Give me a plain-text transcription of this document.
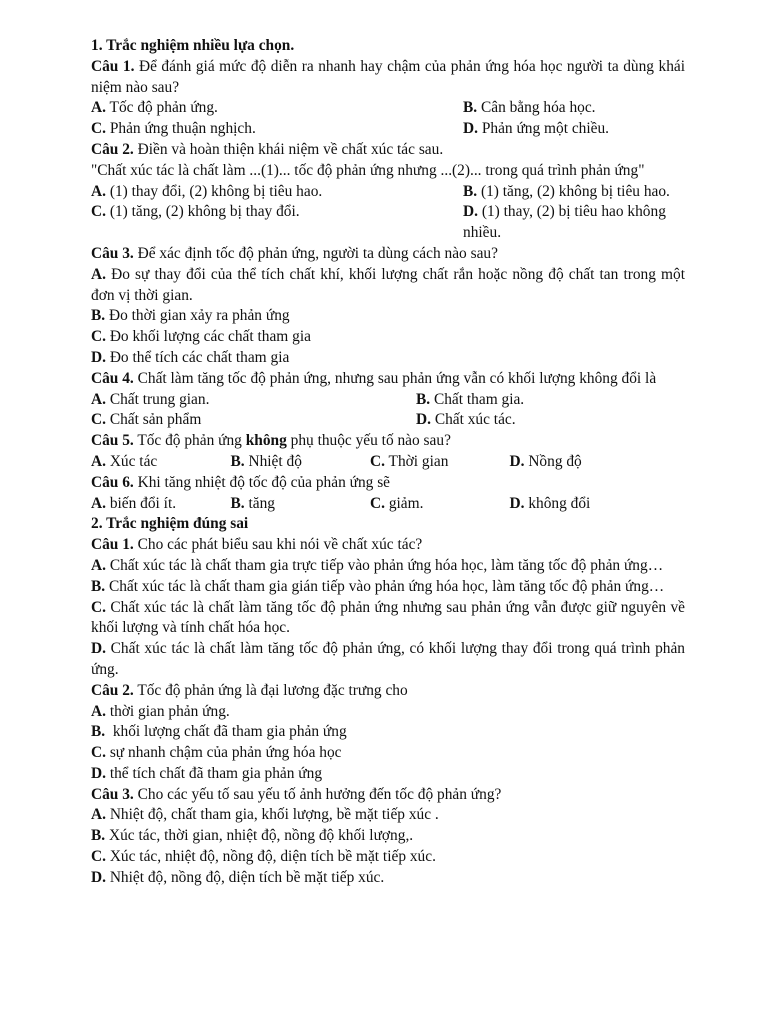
1. Trắc nghiệm nhiều lựa chọn.

Câu 1. Để đánh giá mức độ diễn ra nhanh hay chậm của phản ứng hóa học người ta dùng khái niệm nào sau?

A. Tốc độ phản ứng.	B. Cân bằng hóa học.
C. Phản ứng thuận nghịch.	D. Phản ứng một chiều.

Câu 2. Điền và hoàn thiện khái niệm về chất xúc tác sau.

"Chất xúc tác là chất làm ...(1)... tốc độ phản ứng nhưng ...(2)... trong quá trình phản ứng"

A. (1) thay đổi, (2) không bị tiêu hao.	B. (1) tăng, (2) không bị tiêu hao.
C. (1) tăng, (2) không bị thay đổi.	D. (1) thay, (2) bị tiêu hao không nhiều.

Câu 3. Để xác định tốc độ phản ứng, người ta dùng cách nào sau?

A. Đo sự thay đổi của thể tích chất khí, khối lượng chất rắn hoặc nồng độ chất tan trong một đơn vị thời gian.

B. Đo thời gian xảy ra phản ứng

C. Đo khối lượng các chất tham gia

D. Đo thể tích các chất tham gia

Câu 4. Chất làm tăng tốc độ phản ứng, nhưng sau phản ứng vẫn có khối lượng không đổi là

A. Chất trung gian.	B. Chất tham gia.
C. Chất sản phẩm	D. Chất xúc tác.

Câu 5. Tốc độ phản ứng không phụ thuộc yếu tố nào sau?

A. Xúc tác	B. Nhiệt độ	C. Thời gian	D. Nồng độ

Câu 6. Khi tăng nhiệt độ tốc độ của phản ứng sẽ

A. biến đổi ít.	B. tăng	C. giảm.	D. không đổi

2. Trắc nghiệm đúng sai

Câu 1. Cho các phát biểu sau khi nói về chất xúc tác?

A. Chất xúc tác là chất tham gia trực tiếp vào phản ứng hóa học, làm tăng tốc độ phản ứng…

B. Chất xúc tác là chất tham gia gián tiếp vào phản ứng hóa học, làm tăng tốc độ phản ứng…

C. Chất xúc tác là chất làm tăng tốc độ phản ứng nhưng sau phản ứng vẫn được giữ nguyên về khối lượng và tính chất hóa học.

D. Chất xúc tác là chất làm tăng tốc độ phản ứng, có khối lượng thay đổi trong quá trình phản ứng.

Câu 2. Tốc độ phản ứng là đại lương đặc trưng cho

A. thời gian phản ứng.

B.  khối lượng chất đã tham gia phản ứng

C. sự nhanh chậm của phản ứng hóa học

D. thể tích chất đã tham gia phản ứng

Câu 3. Cho các yếu tố sau yếu tố ảnh hưởng đến tốc độ phản ứng?

A. Nhiệt độ, chất tham gia, khối lượng, bề mặt tiếp xúc .

B. Xúc tác, thời gian, nhiệt độ, nồng độ khối lượng,.

C. Xúc tác, nhiệt độ, nồng độ, diện tích bề mặt tiếp xúc.

D. Nhiệt độ, nồng độ, diện tích bề mặt tiếp xúc.
